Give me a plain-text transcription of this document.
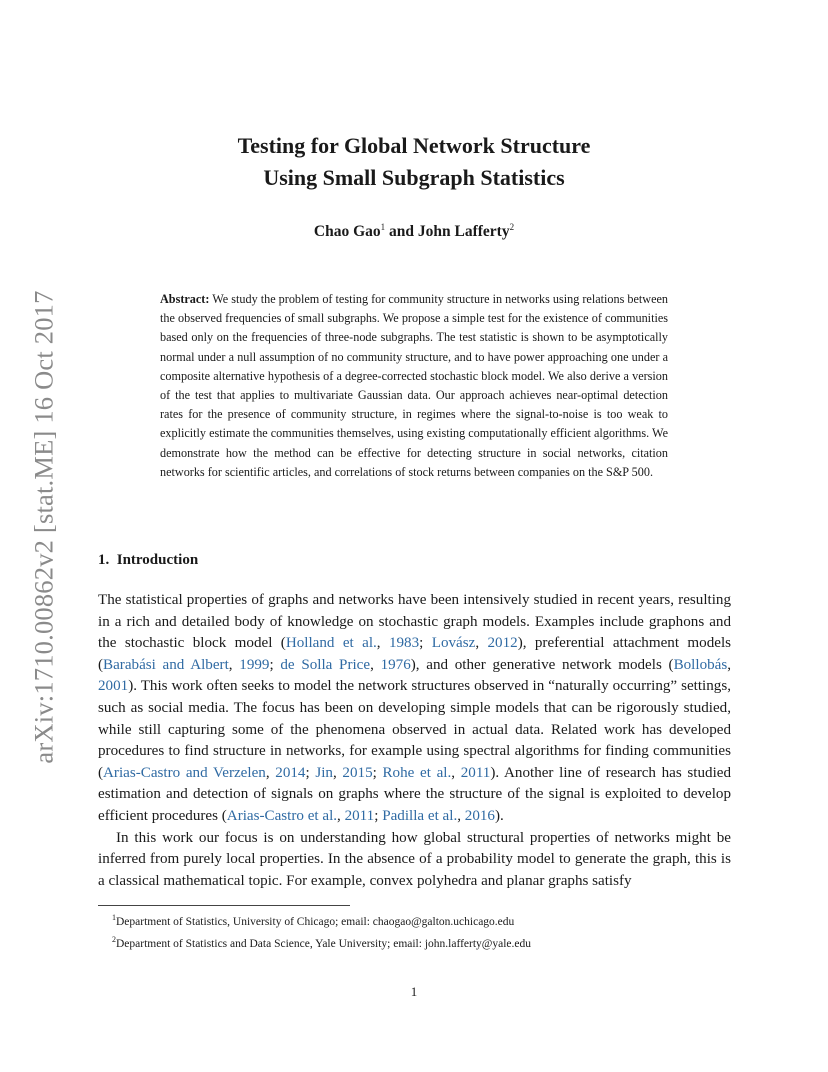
arXiv:1710.00862v2 [stat.ME] 16 Oct 2017
Testing for Global Network Structure
Using Small Subgraph Statistics
Chao Gao$^1$ and John Lafferty$^2$
Abstract: We study the problem of testing for community structure in networks using relations between the observed frequencies of small subgraphs. We propose a simple test for the existence of communities based only on the frequencies of three-node subgraphs. The test statistic is shown to be asymptotically normal under a null assumption of no community structure, and to have power approaching one under a composite alternative hypothesis of a degree-corrected stochastic block model. We also derive a version of the test that applies to multivariate Gaussian data. Our approach achieves near-optimal detection rates for the presence of community structure, in regimes where the signal-to-noise is too weak to explicitly estimate the communities themselves, using existing computationally efficient algorithms. We demonstrate how the method can be effective for detecting structure in social networks, citation networks for scientific articles, and correlations of stock returns between companies on the S&P 500.
1.  Introduction

The statistical properties of graphs and networks have been intensively studied in recent years, resulting in a rich and detailed body of knowledge on stochastic graph models. Examples include graphons and the stochastic block model (Holland et al., 1983; Lovász, 2012), preferential attachment models (Barabási and Albert, 1999; de Solla Price, 1976), and other generative network models (Bollobás, 2001). This work often seeks to model the network structures observed in “naturally occurring” settings, such as social media. The focus has been on developing simple models that can be rigorously studied, while still capturing some of the phenomena observed in actual data. Related work has developed procedures to find structure in networks, for example using spectral algorithms for finding communities (Arias-Castro and Verzelen, 2014; Jin, 2015; Rohe et al., 2011). Another line of research has studied estimation and detection of signals on graphs where the structure of the signal is exploited to develop efficient procedures (Arias-Castro et al., 2011; Padilla et al., 2016).

In this work our focus is on understanding how global structural properties of networks might be inferred from purely local properties. In the absence of a probability model to generate the graph, this is a classical mathematical topic. For example, convex polyhedra and planar graphs satisfy

$^1$Department of Statistics, University of Chicago; email: chaogao@galton.uchicago.edu
$^2$Department of Statistics and Data Science, Yale University; email: john.lafferty@yale.edu
1
